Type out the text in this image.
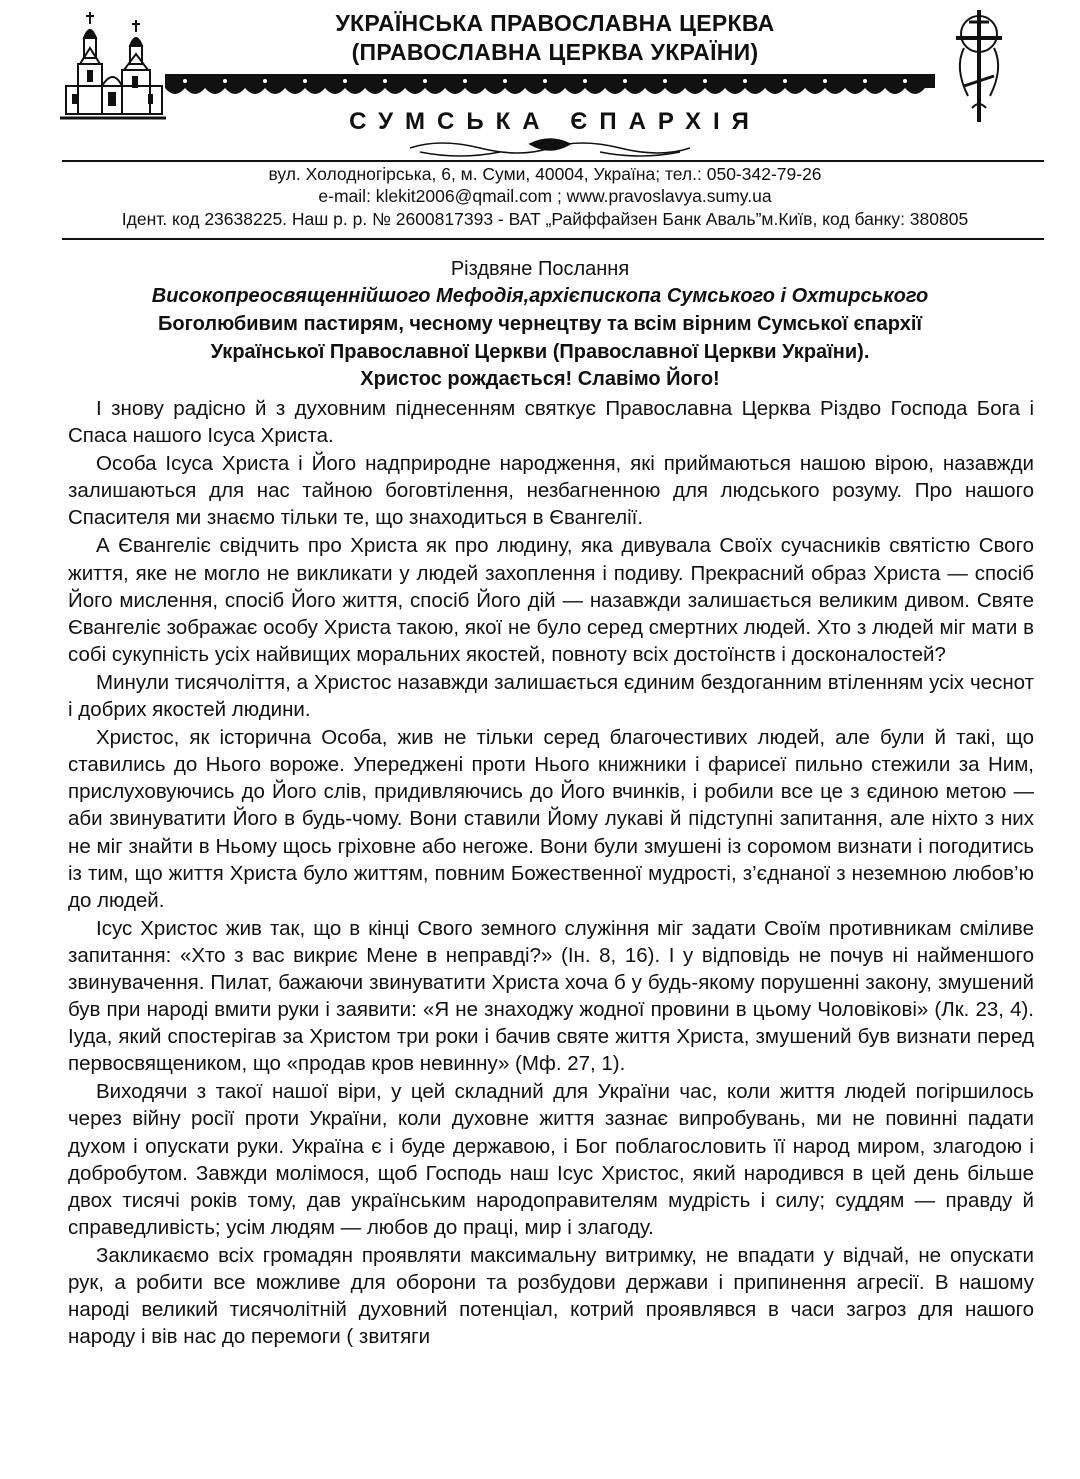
УКРАЇНСЬКА ПРАВОСЛАВНА ЦЕРКВА
(ПРАВОСЛАВНА ЦЕРКВА УКРАЇНИ)
СУМСЬКА ЄПАРХІЯ
вул. Холодногірська, 6, м. Суми, 40004, Україна; тел.: 050-342-79-26
e-mail: klekit2006@qmail.com ; www.pravoslavya.sumy.ua
Ідент. код 23638225. Наш р. р. № 2600817393 - ВАТ „Райффайзен Банк Аваль”м.Київ, код банку: 380805
Різдвяне Послання
Високопреосвященнійшого Мефодія,архієпископа Сумського і Охтирського
Боголюбивим пастирям, чесному чернецтву та всім вірним Сумської єпархії
Української Православної Церкви (Православної Церкви України).
Христос рождається! Славімо Його!

І знову радісно й з духовним піднесенням святкує Православна Церква Різдво Господа Бога і Спаса нашого Ісуса Христа.

Особа Ісуса Христа і Його надприродне народження, які приймаються нашою вірою, назавжди залишаються для нас тайною боговтілення, незбагненною для людського розуму. Про нашого Спасителя ми знаємо тільки те, що знаходиться в Євангелії.

А Євангеліє свідчить про Христа як про людину, яка дивувала Своїх сучасників святістю Свого життя, яке не могло не викликати у людей захоплення і подиву. Прекрасний образ Христа — спосіб Його мислення, спосіб Його життя, спосіб Його дій — назавжди залишається великим дивом. Святе Євангеліє зображає особу Христа такою, якої не було серед смертних людей. Хто з людей міг мати в собі сукупність усіх найвищих моральних якостей, повноту всіх достоїнств і досконалостей?

Минули тисячоліття, а Христос назавжди залишається єдиним бездоганним втіленням усіх чеснот і добрих якостей людини.

Христос, як історична Особа, жив не тільки серед благочестивих людей, але були й такі, що ставились до Нього вороже. Упереджені проти Нього книжники і фарисеї пильно стежили за Ним, прислуховуючись до Його слів, придивляючись до Його вчинків, і робили все це з єдиною метою — аби звинуватити Його в будь-чому. Вони ставили Йому лукаві й підступні запитання, але ніхто з них не міг знайти в Ньому щось гріховне або негоже. Вони були змушені із соромом визнати і погодитись із тим, що життя Христа було життям, повним Божественної мудрості, з’єднаної з неземною любов’ю до людей.

Ісус Христос жив так, що в кінці Свого земного служіння міг задати Своїм противникам сміливе запитання: «Хто з вас викриє Мене в неправді?» (Ін. 8, 16). І у відповідь не почув ні найменшого звинувачення. Пилат, бажаючи звинуватити Христа хоча б у будь-якому порушенні закону, змушений був при народі вмити руки і заявити: «Я не знаходжу жодної провини в цьому Чоловікові» (Лк. 23, 4). Іуда, який спостерігав за Христом три роки і бачив святе життя Христа, змушений був визнати перед первосвящеником, що «продав кров невинну» (Мф. 27, 1).

Виходячи з такої нашої віри, у цей складний для України час, коли життя людей погіршилось через війну росії проти України, коли духовне життя зазнає випробувань, ми не повинні падати духом і опускати руки. Україна є і буде державою, і Бог поблагословить її народ миром, злагодою і добробутом. Завжди молімося, щоб Господь наш Ісус Христос, який народився в цей день більше двох тисячі років тому, дав українським народоправителям мудрість і силу; суддям — правду й справедливість; усім людям — любов до праці, мир і злагоду.

Закликаємо всіх громадян проявляти максимальну витримку, не впадати у відчай, не опускати рук, а робити все можливе для оборони та розбудови держави і припинення агресії. В нашому народі великий тисячолітній духовний потенціал, котрий проявлявся в часи загроз для нашого народу і вів нас до перемоги ( звитяги
